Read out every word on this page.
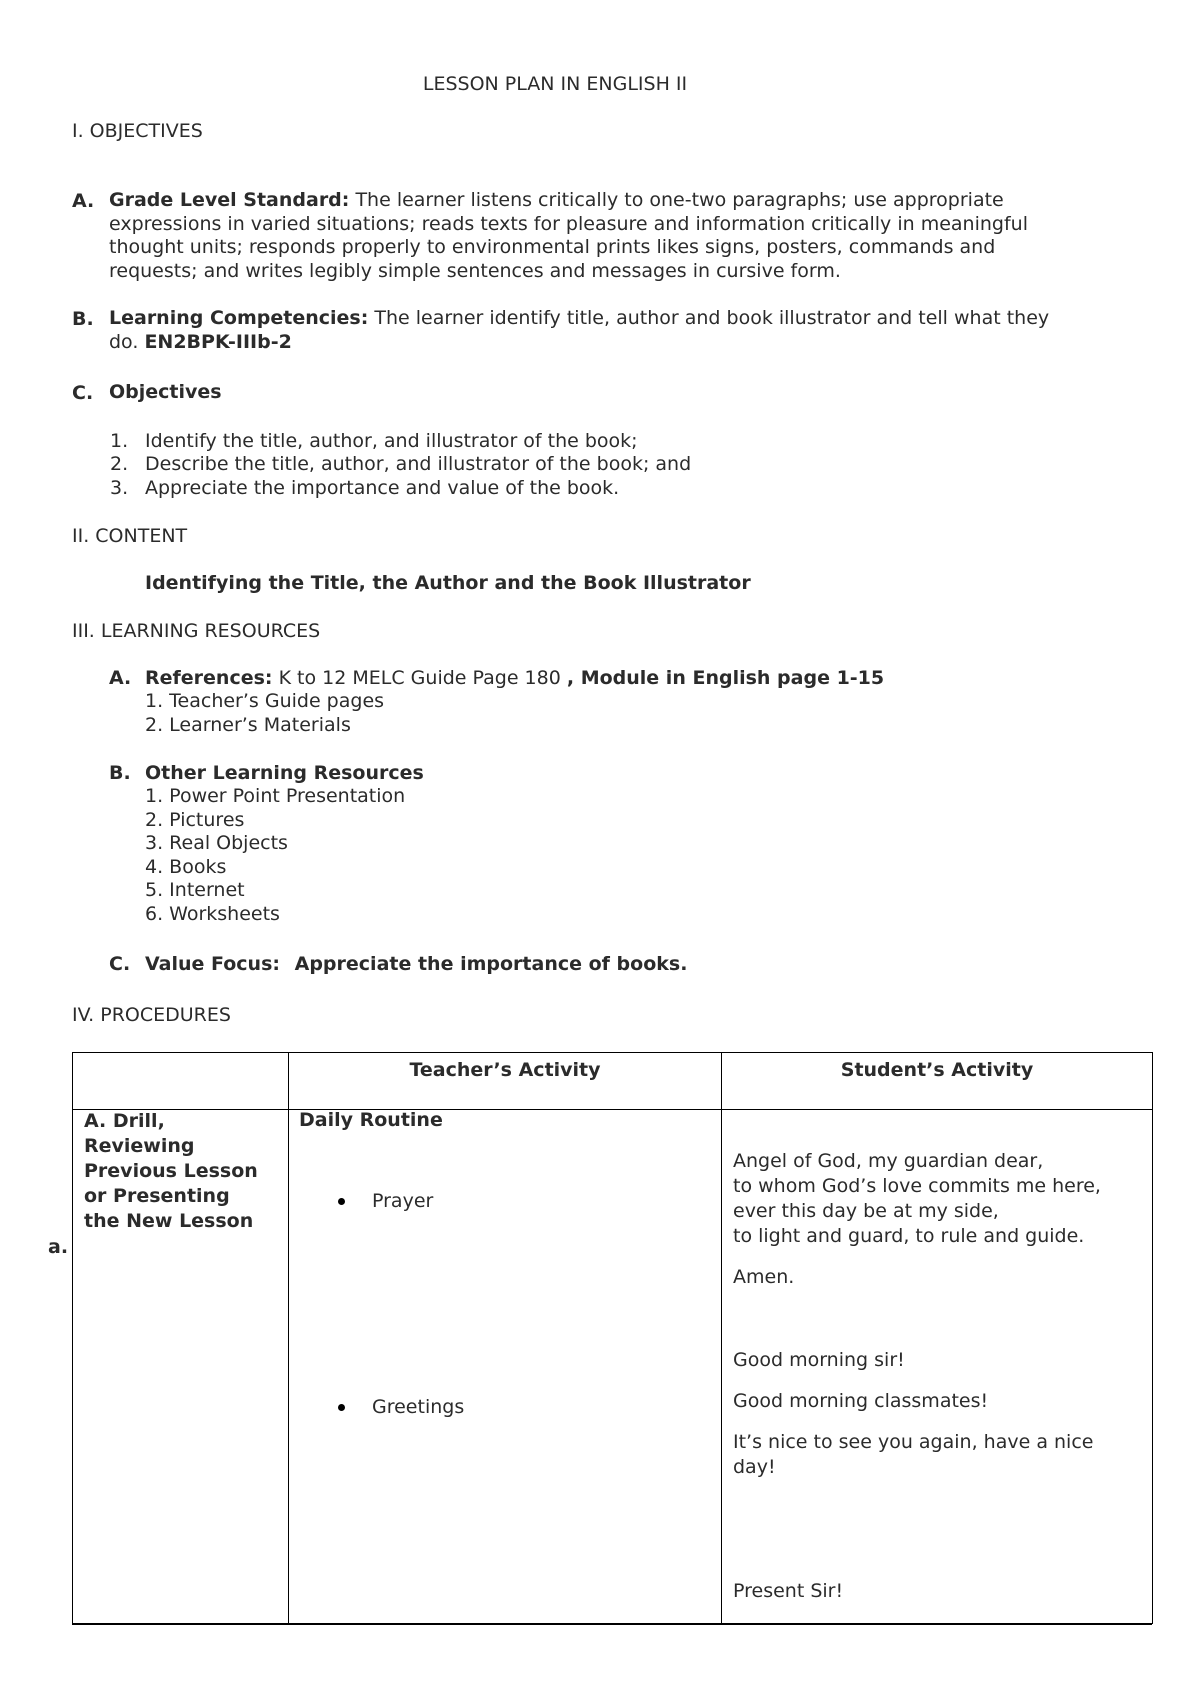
LESSON PLAN IN ENGLISH II
I. OBJECTIVES
A. Grade Level Standard: The learner listens critically to one-two paragraphs; use appropriate
expressions in varied situations; reads texts for pleasure and information critically in meaningful
thought units; responds properly to environmental prints likes signs, posters, commands and
requests; and writes legibly simple sentences and messages in cursive form.
B. Learning Competencies: The learner identify title, author and book illustrator and tell what they
do. EN2BPK-IIIb-2
C. Objectives
1. Identify the title, author, and illustrator of the book;
2. Describe the title, author, and illustrator of the book; and
3. Appreciate the importance and value of the book.
II. CONTENT
Identifying the Title, the Author and the Book Illustrator
III. LEARNING RESOURCES
A. References: K to 12 MELC Guide Page 180 , Module in English page 1-15
1. Teacher’s Guide pages
2. Learner’s Materials
B. Other Learning Resources
1. Power Point Presentation
2. Pictures
3. Real Objects
4. Books
5. Internet
6. Worksheets
C. Value Focus: Appreciate the importance of books.
IV. PROCEDURES
Teacher’s Activity	Student’s Activity
a.
A. Drill,
Reviewing
Previous Lesson
or Presenting
the New Lesson
Daily Routine
Prayer
Greetings
Angel of God, my guardian dear,
to whom God’s love commits me here,
ever this day be at my side,
to light and guard, to rule and guide.
Amen.
Good morning sir!
Good morning classmates!
It’s nice to see you again, have a nice
day!
Present Sir!
